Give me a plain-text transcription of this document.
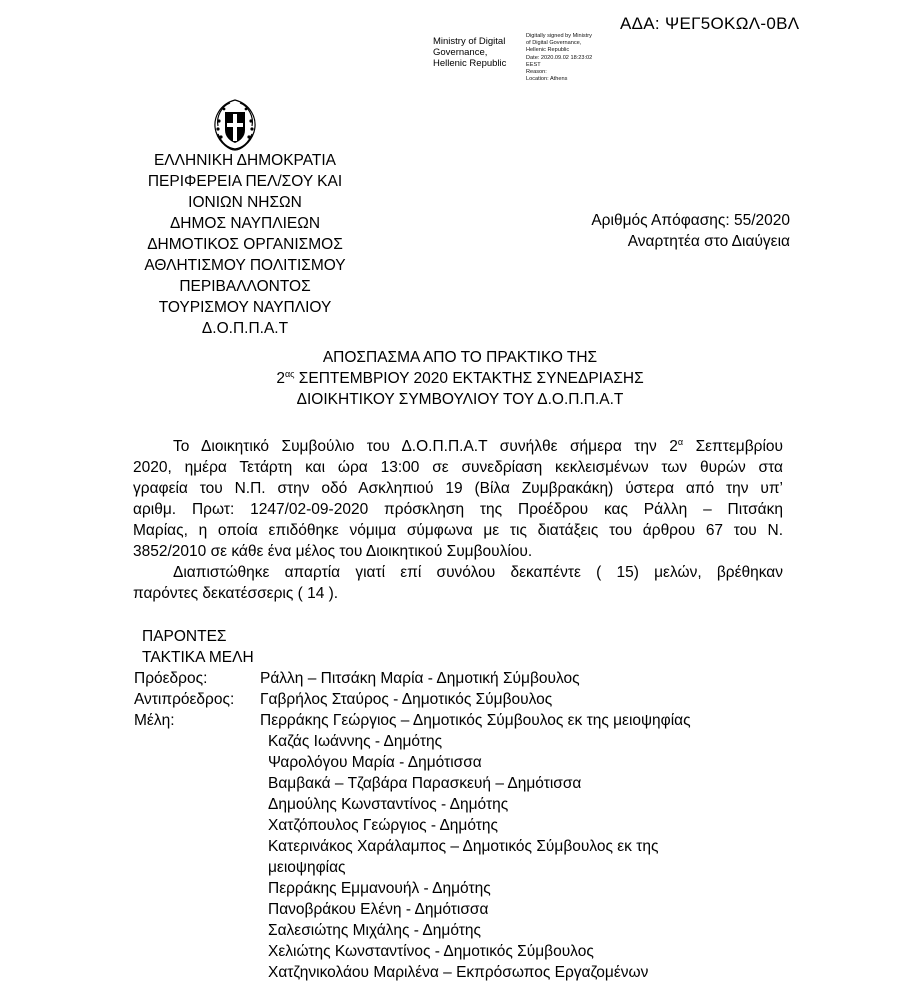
ΑΔΑ: ΨΕΓ5ΟΚΩΛ-0ΒΛ
Ministry of Digital
Governance,
Hellenic Republic
Digitally signed by Ministry
of Digital Governance,
Hellenic Republic
Date: 2020.09.02 18:23:02
EEST
Reason:
Location: Athens
ΕΛΛΗΝΙΚΗ ΔΗΜΟΚΡΑΤΙΑ
ΠΕΡΙΦΕΡΕΙΑ ΠΕΛ/ΣΟΥ ΚΑΙ
ΙΟΝΙΩΝ ΝΗΣΩΝ
ΔΗΜΟΣ ΝΑΥΠΛΙΕΩΝ
ΔΗΜΟΤΙΚΟΣ ΟΡΓΑΝΙΣΜΟΣ
ΑΘΛΗΤΙΣΜΟΥ ΠΟΛΙΤΙΣΜΟΥ
ΠΕΡΙΒΑΛΛΟΝΤΟΣ
ΤΟΥΡΙΣΜΟΥ ΝΑΥΠΛΙΟΥ
Δ.Ο.Π.Π.Α.Τ
Αριθμός Απόφασης: 55/2020
Αναρτητέα στο Διαύγεια
ΑΠΟΣΠΑΣΜΑ ΑΠΟ ΤΟ ΠΡΑΚΤΙΚΟ ΤΗΣ
$2^{\alpha\varsigma}$ ΣΕΠΤΕΜΒΡΙΟΥ 2020 ΕΚΤΑΚΤΗΣ ΣΥΝΕΔΡΙΑΣΗΣ
ΔΙΟΙΚΗΤΙΚΟΥ ΣΥΜΒΟΥΛΙΟΥ ΤΟΥ Δ.Ο.Π.Π.Α.Τ
Το Διοικητικό Συμβούλιο του Δ.Ο.Π.Π.Α.Τ συνήλθε σήμερα την $2^\alpha$ Σεπτεμβρίου
2020, ημέρα Τετάρτη και ώρα 13:00 σε συνεδρίαση κεκλεισμένων των θυρών στα
γραφεία του Ν.Π. στην οδό Ασκληπιού 19 (Βίλα Ζυμβρακάκη) ύστερα από την υπ’
αριθμ. Πρωτ: 1247/02-09-2020 πρόσκληση της Προέδρου κας Ράλλη – Πιτσάκη
Μαρίας, η οποία επιδόθηκε νόμιμα σύμφωνα με τις διατάξεις του άρθρου 67 του Ν.
3852/2010 σε κάθε ένα μέλος του Διοικητικού Συμβουλίου.
Διαπιστώθηκε απαρτία γιατί επί συνόλου δεκαπέντε ( 15) μελών, βρέθηκαν
παρόντες δεκατέσσερις ( 14 ).
ΠΑΡΟΝΤΕΣ
ΤΑΚΤΙΚΑ ΜΕΛΗ
Πρόεδρος:	Ράλλη – Πιτσάκη Μαρία - Δημοτική Σύμβουλος
Αντιπρόεδρος: Γαβρήλος Σταύρος - Δημοτικός Σύμβουλος
Μέλη:	Περράκης Γεώργιος – Δημοτικός Σύμβουλος εκ της μειοψηφίας
Καζάς Ιωάννης - Δημότης
Ψαρολόγου Μαρία - Δημότισσα
Βαμβακά – Τζαβάρα Παρασκευή – Δημότισσα
Δημούλης Κωνσταντίνος - Δημότης
Χατζόπουλος Γεώργιος - Δημότης
Κατερινάκος Χαράλαμπος – Δημοτικός Σύμβουλος εκ της
μειοψηφίας
Περράκης Εμμανουήλ - Δημότης
Πανοβράκου Ελένη - Δημότισσα
Σαλεσιώτης Μιχάλης - Δημότης
Χελιώτης Κωνσταντίνος - Δημοτικός Σύμβουλος
Χατζηνικολάου Μαριλένα – Εκπρόσωπος Εργαζομένων
